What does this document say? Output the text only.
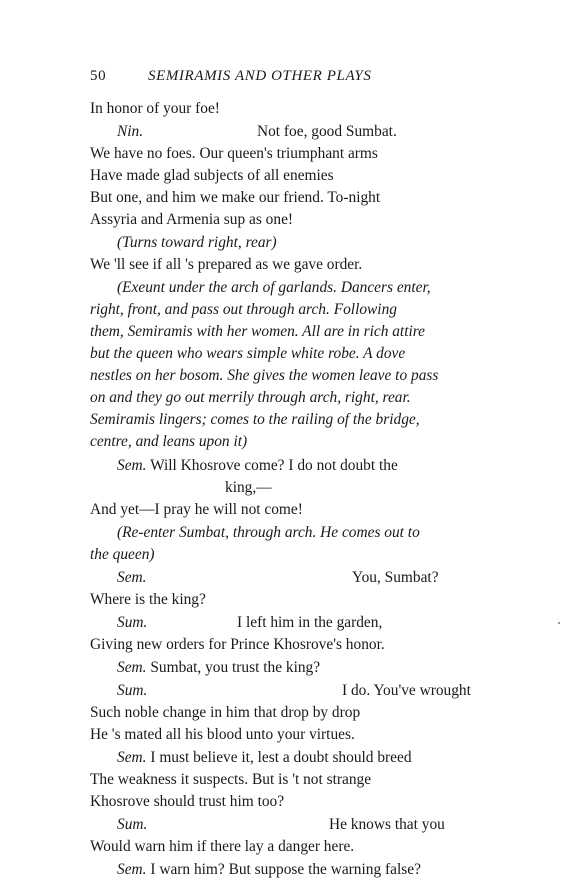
50	SEMIRAMIS AND OTHER PLAYS
In honor of your foe!
Nin.	Not foe, good Sumbat.
We have no foes. Our queen's triumphant arms
Have made glad subjects of all enemies
But one, and him we make our friend. To-night
Assyria and Armenia sup as one!
(Turns toward right, rear)
We 'll see if all 's prepared as we gave order.
(Exeunt under the arch of garlands. Dancers enter,
right, front, and pass out through arch. Following
them, Semiramis with her women. All are in rich attire
but the queen who wears simple white robe. A dove
nestles on her bosom. She gives the women leave to pass
on and they go out merrily through arch, right, rear.
Semiramis lingers; comes to the railing of the bridge,
centre, and leans upon it)
Sem. Will Khosrove come? I do not doubt the
king,—
And yet—I pray he will not come!
(Re-enter Sumbat, through arch. He comes out to
the queen)
Sem.	You, Sumbat?
Where is the king?
Sum.	I left him in the garden,
Giving new orders for Prince Khosrove's honor.
Sem. Sumbat, you trust the king?
Sum.	I do. You've wrought
Such noble change in him that drop by drop
He 's mated all his blood unto your virtues.
Sem. I must believe it, lest a doubt should breed
The weakness it suspects. But is 't not strange
Khosrove should trust him too?
Sum.	He knows that you
Would warn him if there lay a danger here.
Sem. I warn him? But suppose the warning false?
